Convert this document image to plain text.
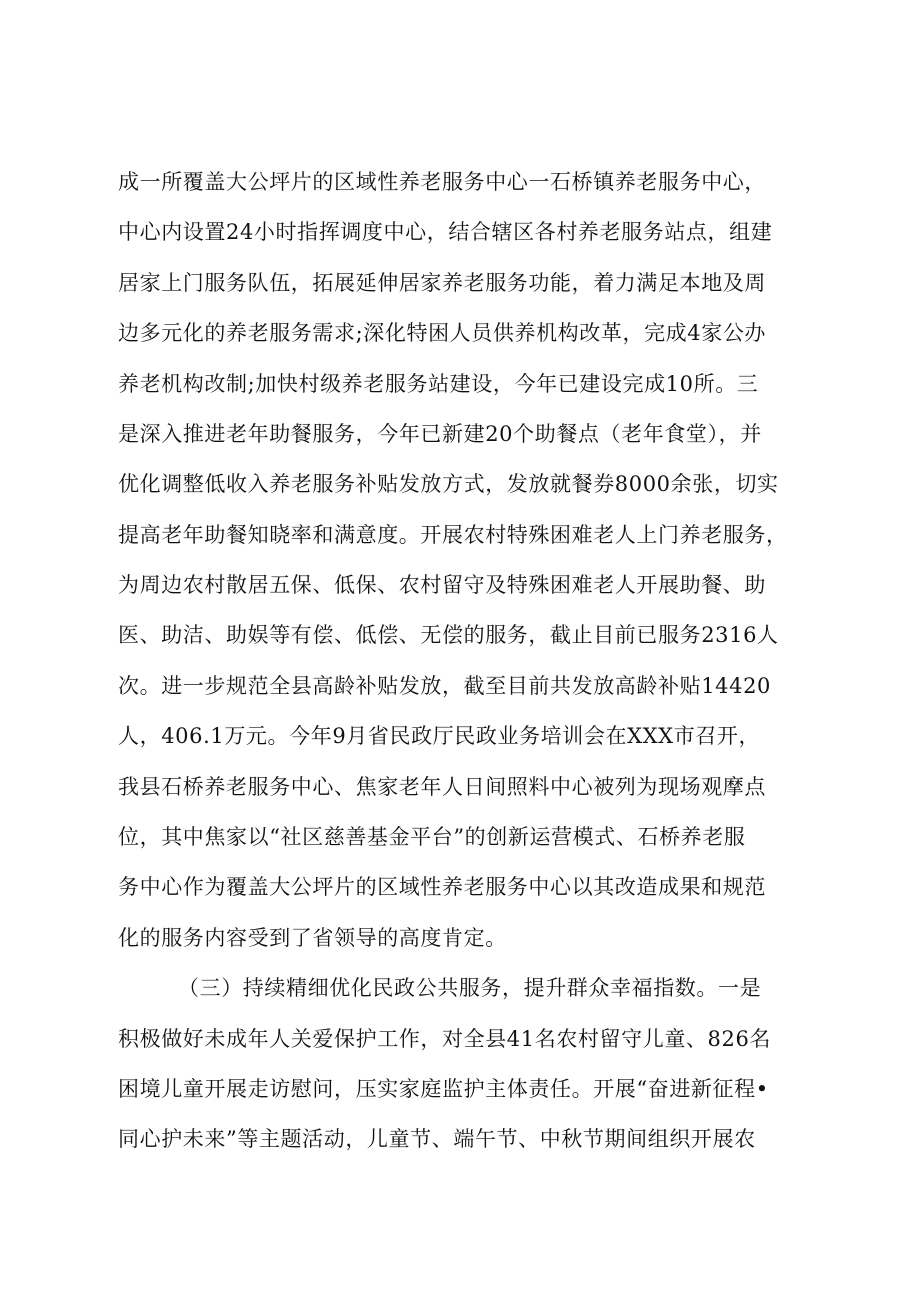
成一所覆盖大公坪片的区域性养老服务中心一石桥镇养老服务中心，
中心内设置24小时指挥调度中心，结合辖区各村养老服务站点，组建
居家上门服务队伍，拓展延伸居家养老服务功能，着力满足本地及周
边多元化的养老服务需求;深化特困人员供养机构改革，完成4家公办
养老机构改制;加快村级养老服务站建设，今年已建设完成10所。三
是深入推进老年助餐服务，今年已新建20个助餐点（老年食堂），并
优化调整低收入养老服务补贴发放方式，发放就餐券8000余张，切实
提高老年助餐知晓率和满意度。开展农村特殊困难老人上门养老服务，
为周边农村散居五保、低保、农村留守及特殊困难老人开展助餐、助
医、助洁、助娱等有偿、低偿、无偿的服务，截止目前已服务2316人
次。进一步规范全县高龄补贴发放，截至目前共发放高龄补贴14420
人，406.1万元。今年9月省民政厅民政业务培训会在XXX市召开，
我县石桥养老服务中心、焦家老年人日间照料中心被列为现场观摩点
位，其中焦家以“社区慈善基金平台”的创新运营模式、石桥养老服
务中心作为覆盖大公坪片的区域性养老服务中心以其改造成果和规范
化的服务内容受到了省领导的高度肯定。
（三）持续精细优化民政公共服务，提升群众幸福指数。一是
积极做好未成年人关爱保护工作，对全县41名农村留守儿童、826名
困境儿童开展走访慰问，压实家庭监护主体责任。开展“奋进新征程•
同心护未来”等主题活动，儿童节、端午节、中秋节期间组织开展农
